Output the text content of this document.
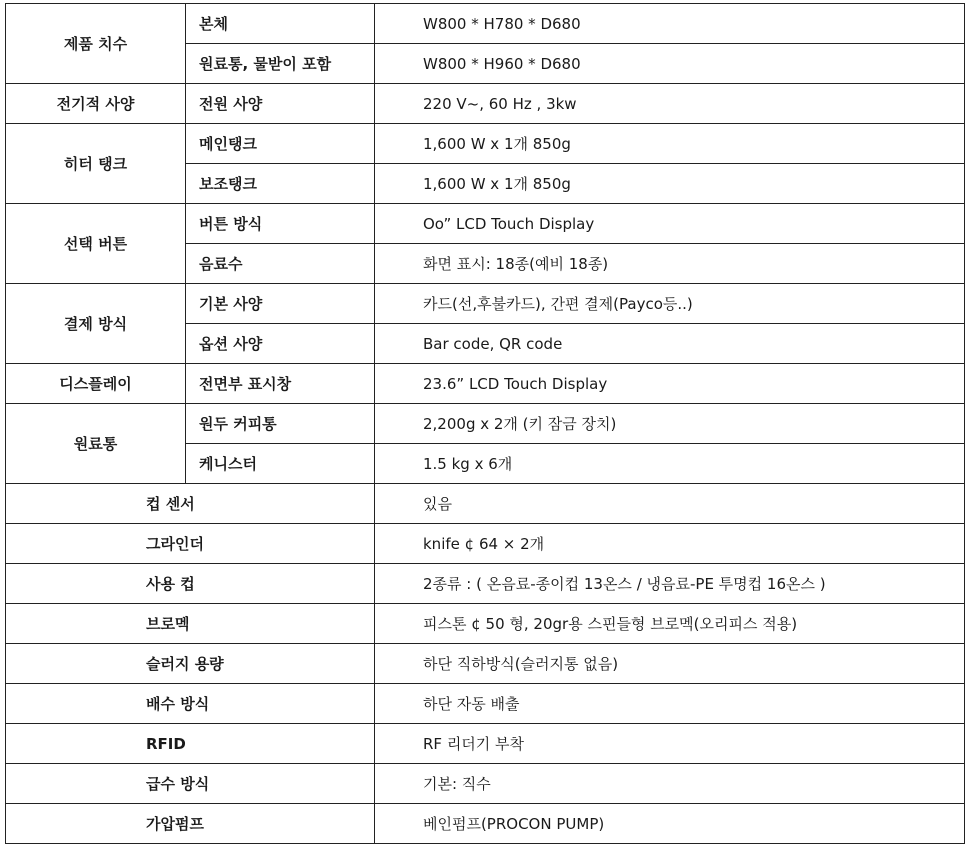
제품 치수	본체	W800 * H780 * D680
	원료통, 물받이 포함	W800 * H960 * D680
전기적 사양	전원 사양	220 V~, 60 Hz , 3kw
히터 탱크	메인탱크	1,600 W x 1개 850g
	보조탱크	1,600 W x 1개 850g
선택 버튼	버튼 방식	Oo” LCD Touch Display
	음료수	화면 표시: 18종(예비 18종)
결제 방식	기본 사양	카드(선,후불카드), 간편 결제(Payco등..)
	옵션 사양	Bar code, QR code
디스플레이	전면부 표시창	23.6” LCD Touch Display
원료통	원두 커피통	2,200g x 2개 (키 잠금 장치)
	케니스터	1.5 kg x 6개
컵 센서		있음
그라인더		knife ¢ 64 × 2개
사용 컵		2종류 : ( 온음료-종이컵 13온스 / 냉음료-PE 투명컵 16온스 )
브로멕		피스톤 ¢ 50 형, 20gr용 스핀들형 브로멕(오리피스 적용)
슬러지 용량		하단 직하방식(슬러지통 없음)
배수 방식		하단 자동 배출
RFID		RF 리더기 부착
급수 방식		기본: 직수
가압펌프		베인펌프(PROCON PUMP)
